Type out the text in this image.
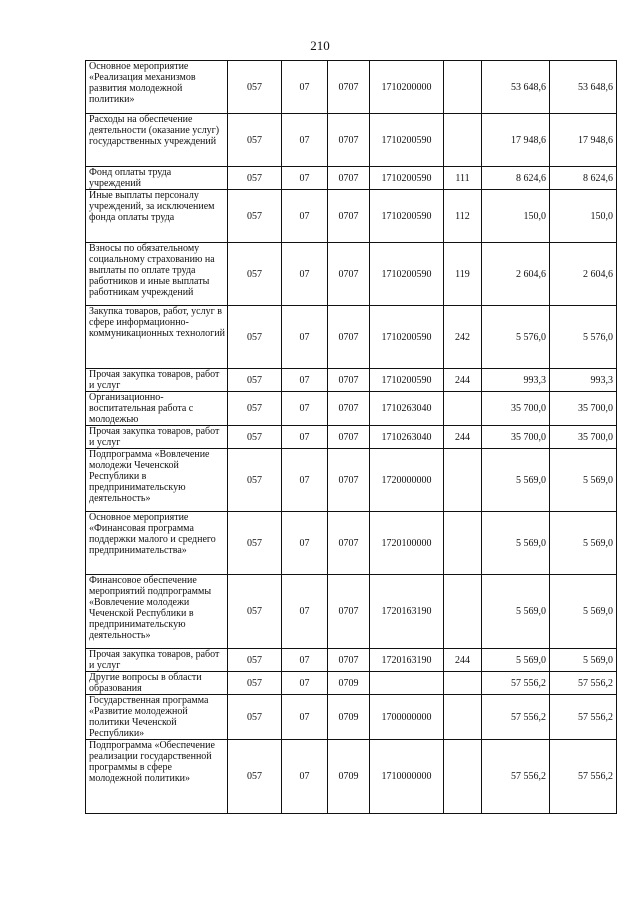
210
Основное мероприятие «Реализация механизмов развития молодежной политики»	057	07	0707	1710200000		53 648,6	53 648,6
Расходы на обеспечение деятельности (оказание услуг) государственных учреждений	057	07	0707	1710200590		17 948,6	17 948,6
Фонд оплаты труда учреждений	057	07	0707	1710200590	111	8 624,6	8 624,6
Иные выплаты персоналу учреждений, за исключением фонда оплаты труда	057	07	0707	1710200590	112	150,0	150,0
Взносы по обязательному социальному страхованию на выплаты по оплате труда работников и иные выплаты работникам учреждений	057	07	0707	1710200590	119	2 604,6	2 604,6
Закупка товаров, работ, услуг в сфере информационно-коммуникационных технологий	057	07	0707	1710200590	242	5 576,0	5 576,0
Прочая закупка товаров, работ и услуг	057	07	0707	1710200590	244	993,3	993,3
Организационно-воспитательная работа с молодежью	057	07	0707	1710263040		35 700,0	35 700,0
Прочая закупка товаров, работ и услуг	057	07	0707	1710263040	244	35 700,0	35 700,0
Подпрограмма «Вовлечение молодежи Чеченской Республики в предпринимательскую деятельность»	057	07	0707	1720000000		5 569,0	5 569,0
Основное мероприятие «Финансовая программа поддержки малого и среднего предпринимательства»	057	07	0707	1720100000		5 569,0	5 569,0
Финансовое обеспечение мероприятий подпрограммы «Вовлечение молодежи Чеченской Республики в предпринимательскую деятельность»	057	07	0707	1720163190		5 569,0	5 569,0
Прочая закупка товаров, работ и услуг	057	07	0707	1720163190	244	5 569,0	5 569,0
Другие вопросы в области образования	057	07	0709			57 556,2	57 556,2
Государственная программа «Развитие молодежной политики Чеченской Республики»	057	07	0709	1700000000		57 556,2	57 556,2
Подпрограмма «Обеспечение реализации государственной программы в сфере молодежной политики»	057	07	0709	1710000000		57 556,2	57 556,2
